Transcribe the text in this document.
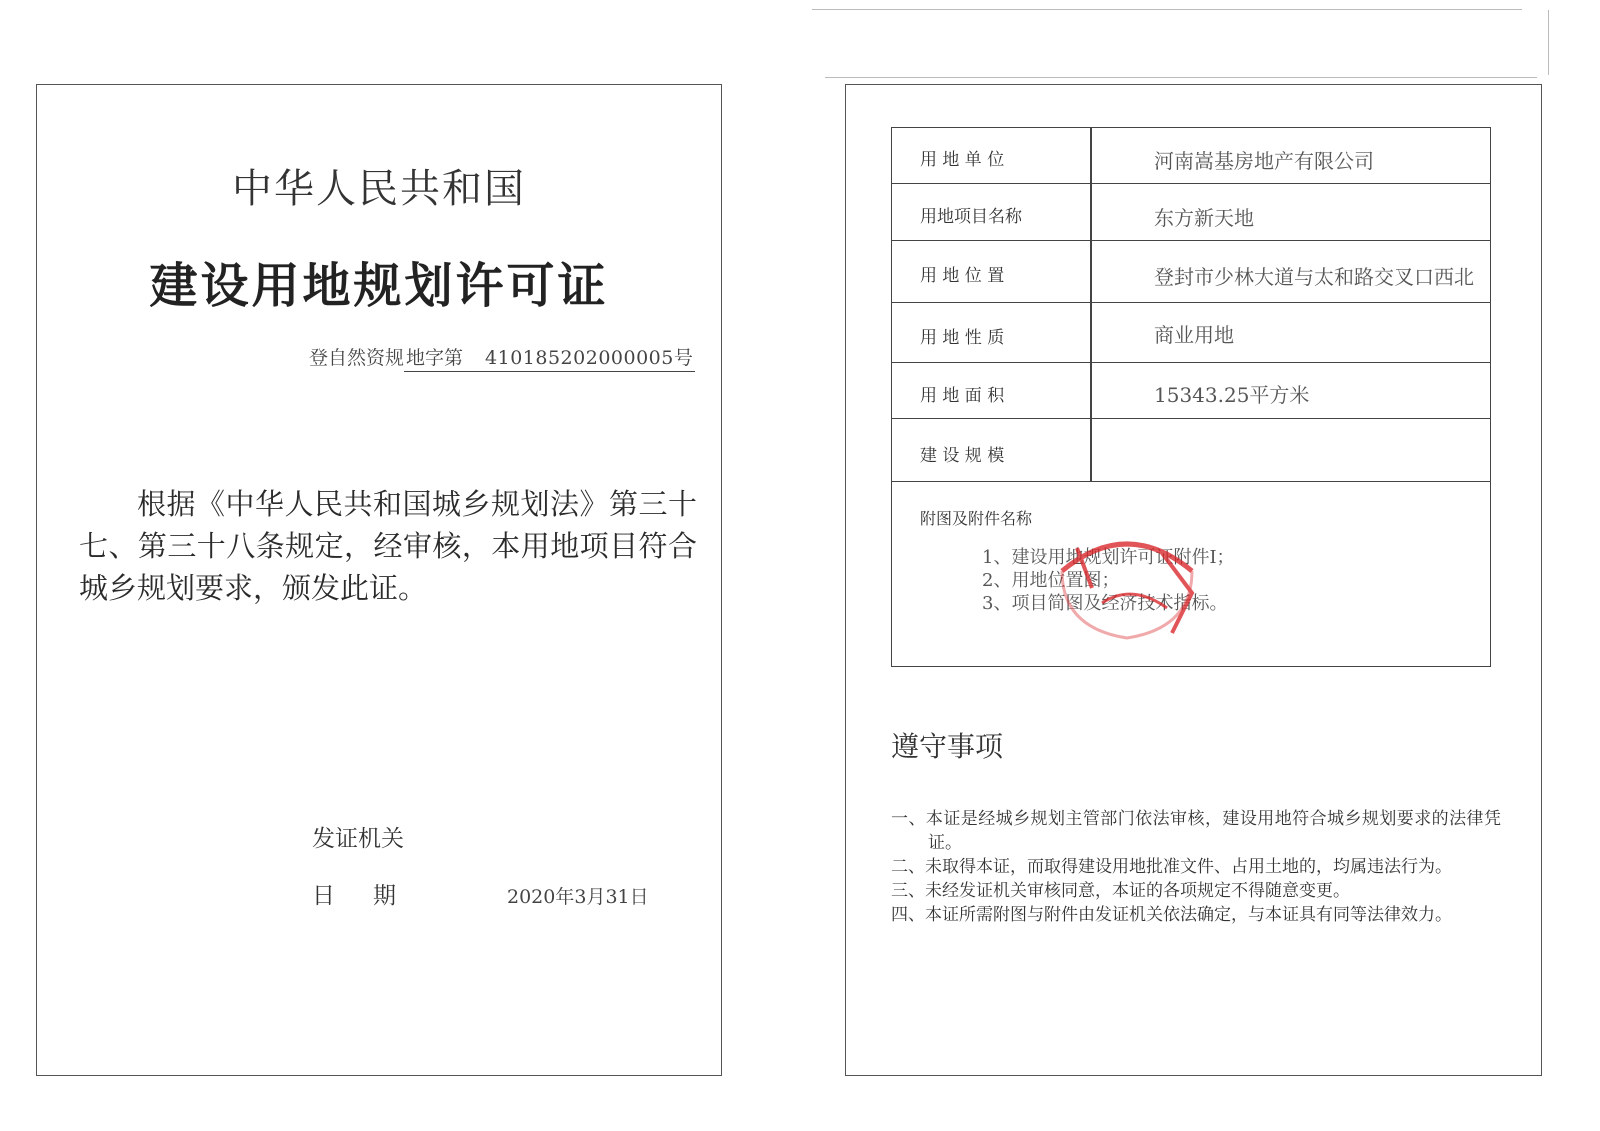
中华人民共和国
建设用地规划许可证
登自然资规 地字第 410185202000005号
根据《中华人民共和国城乡规划法》第三十七、第三十八条规定，经审核，本用地项目符合城乡规划要求，颁发此证。
发证机关
日期	2020年3月31日
用 地 单 位	河南嵩基房地产有限公司
用地项目名称	东方新天地
用 地 位 置	登封市少林大道与太和路交叉口西北
用 地 性 质	商业用地
用 地 面 积	15343.25平方米
建 设 规 模
附图及附件名称
1、建设用地规划许可证附件I；
2、用地位置图；
3、项目简图及经济技术指标。
遵守事项
一、本证是经城乡规划主管部门依法审核，建设用地符合城乡规划要求的法律凭证。
二、未取得本证，而取得建设用地批准文件、占用土地的，均属违法行为。
三、未经发证机关审核同意，本证的各项规定不得随意变更。
四、本证所需附图与附件由发证机关依法确定，与本证具有同等法律效力。
